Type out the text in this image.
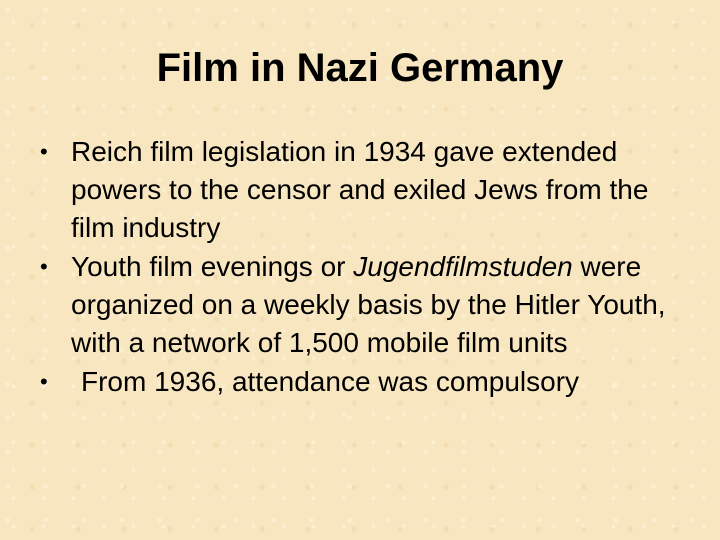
Film in Nazi Germany
• Reich film legislation in 1934 gave extended powers to the censor and exiled Jews from the film industry
• Youth film evenings or Jugendfilmstuden were organized on a weekly basis by the Hitler Youth, with a network of 1,500 mobile film units
• From 1936, attendance was compulsory
